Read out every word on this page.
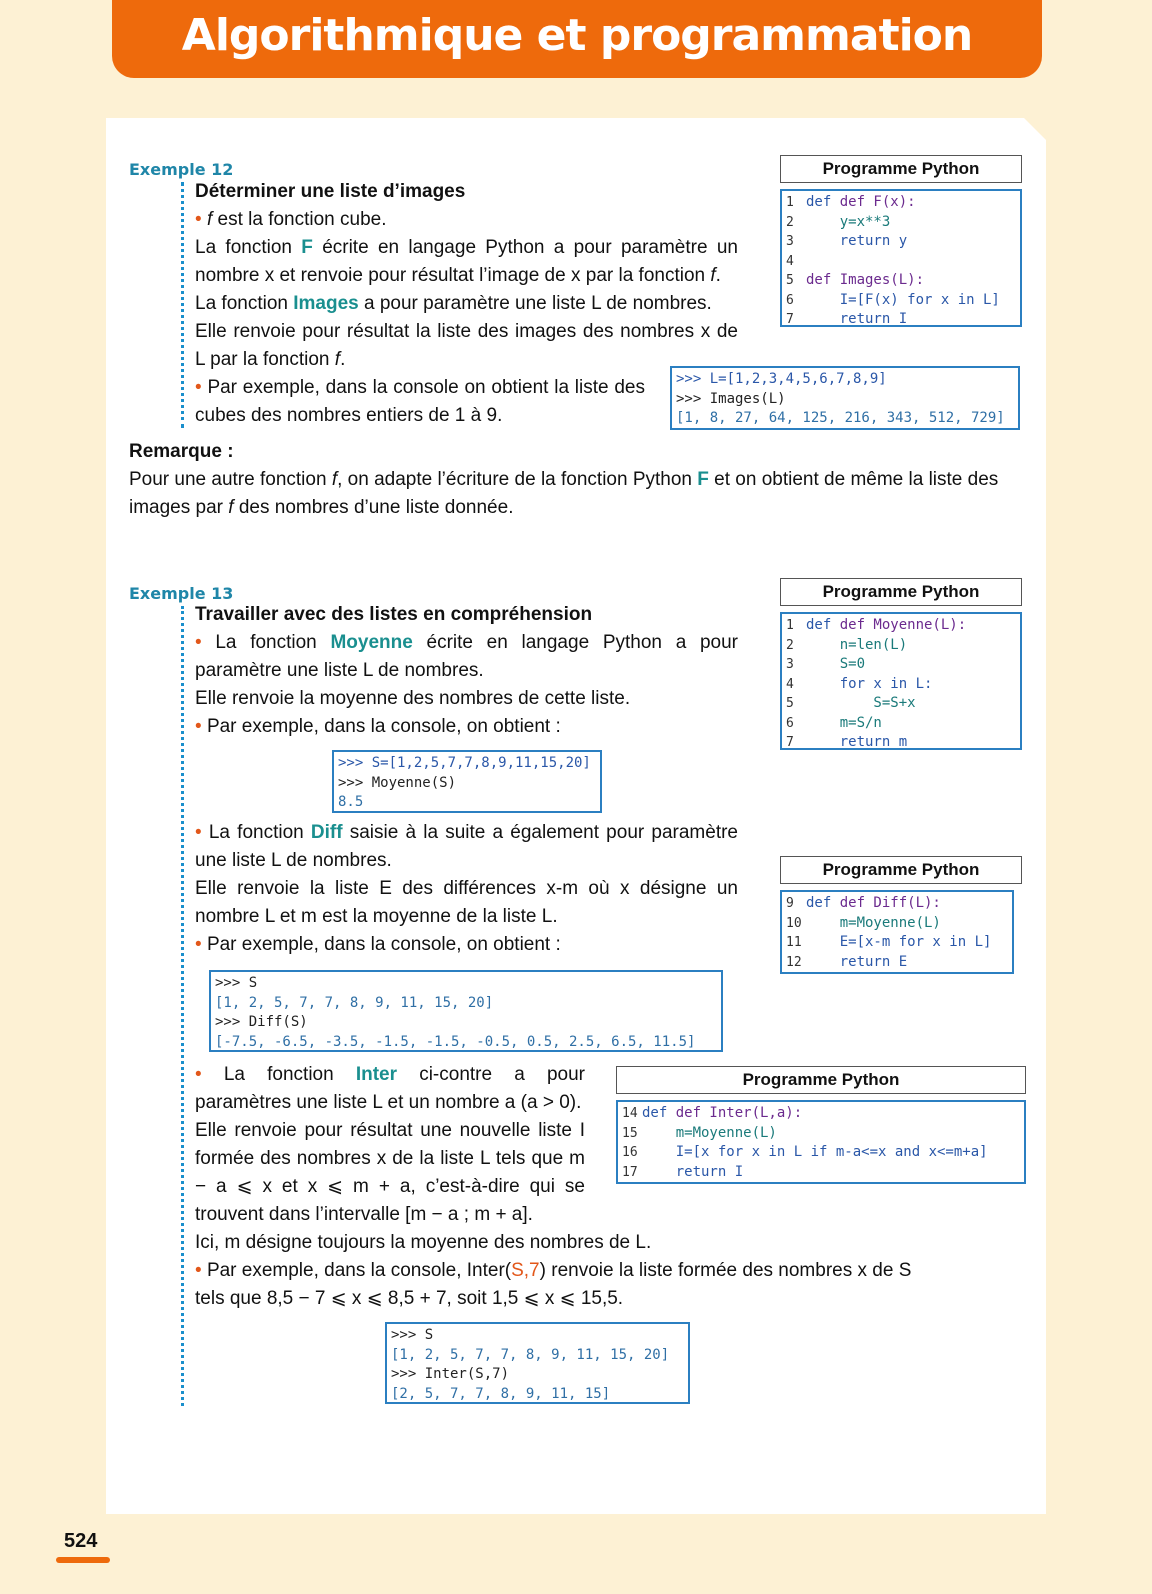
Algorithmique et programmation
Exemple 12
Déterminer une liste d’images
• f est la fonction cube.
La fonction F écrite en langage Python a pour paramètre un nombre x et renvoie pour résultat l’image de x par la fonction f.
La fonction Images a pour paramètre une liste L de nombres.
Elle renvoie pour résultat la liste des images des nombres x de L par la fonction f.
• Par exemple, dans la console on obtient la liste des cubes des nombres entiers de 1 à 9.
Programme Python
1 def def F(x):
2    y=x**3
3    return y
4
5 def Images(L):
6    I=[F(x) for x in L]
7    return I
>>> L=[1,2,3,4,5,6,7,8,9]
>>> Images(L)
[1, 8, 27, 64, 125, 216, 343, 512, 729]
Remarque :
Pour une autre fonction f, on adapte l’écriture de la fonction Python F et on obtient de même la liste des images par f des nombres d’une liste donnée.
Exemple 13
Travailler avec des listes en compréhension
• La fonction Moyenne écrite en langage Python a pour paramètre une liste L de nombres.
Elle renvoie la moyenne des nombres de cette liste.
• Par exemple, dans la console, on obtient :
Programme Python
1 def def Moyenne(L):
2    n=len(L)
3    S=0
4    for x in L:
5        S=S+x
6    m=S/n
7    return m
>>> S=[1,2,5,7,7,8,9,11,15,20]
>>> Moyenne(S)
8.5
• La fonction Diff saisie à la suite a également pour paramètre une liste L de nombres.
Elle renvoie la liste E des différences x-m où x désigne un nombre L et m est la moyenne de la liste L.
• Par exemple, dans la console, on obtient :
Programme Python
9 def def Diff(L):
10    m=Moyenne(L)
11    E=[x-m for x in L]
12    return E
>>> S
[1, 2, 5, 7, 7, 8, 9, 11, 15, 20]
>>> Diff(S)
[-7.5, -6.5, -3.5, -1.5, -1.5, -0.5, 0.5, 2.5, 6.5, 11.5]
• La fonction Inter ci-contre a pour paramètres une liste L et un nombre a (a > 0).
Elle renvoie pour résultat une nouvelle liste I formée des nombres x de la liste L tels que m − a ⩽ x et x ⩽ m + a, c’est-à-dire qui se trouvent dans l’intervalle [m − a ; m + a].
Ici, m désigne toujours la moyenne des nombres de L.
• Par exemple, dans la console, Inter(S,7) renvoie la liste formée des nombres x de S tels que 8,5 − 7 ⩽ x ⩽ 8,5 + 7, soit 1,5 ⩽ x ⩽ 15,5.
Programme Python
14 def def Inter(L,a):
15    m=Moyenne(L)
16    I=[x for x in L if m-a<=x and x<=m+a]
17    return I
>>> S
[1, 2, 5, 7, 7, 8, 9, 11, 15, 20]
>>> Inter(S,7)
[2, 5, 7, 7, 8, 9, 11, 15]
524
